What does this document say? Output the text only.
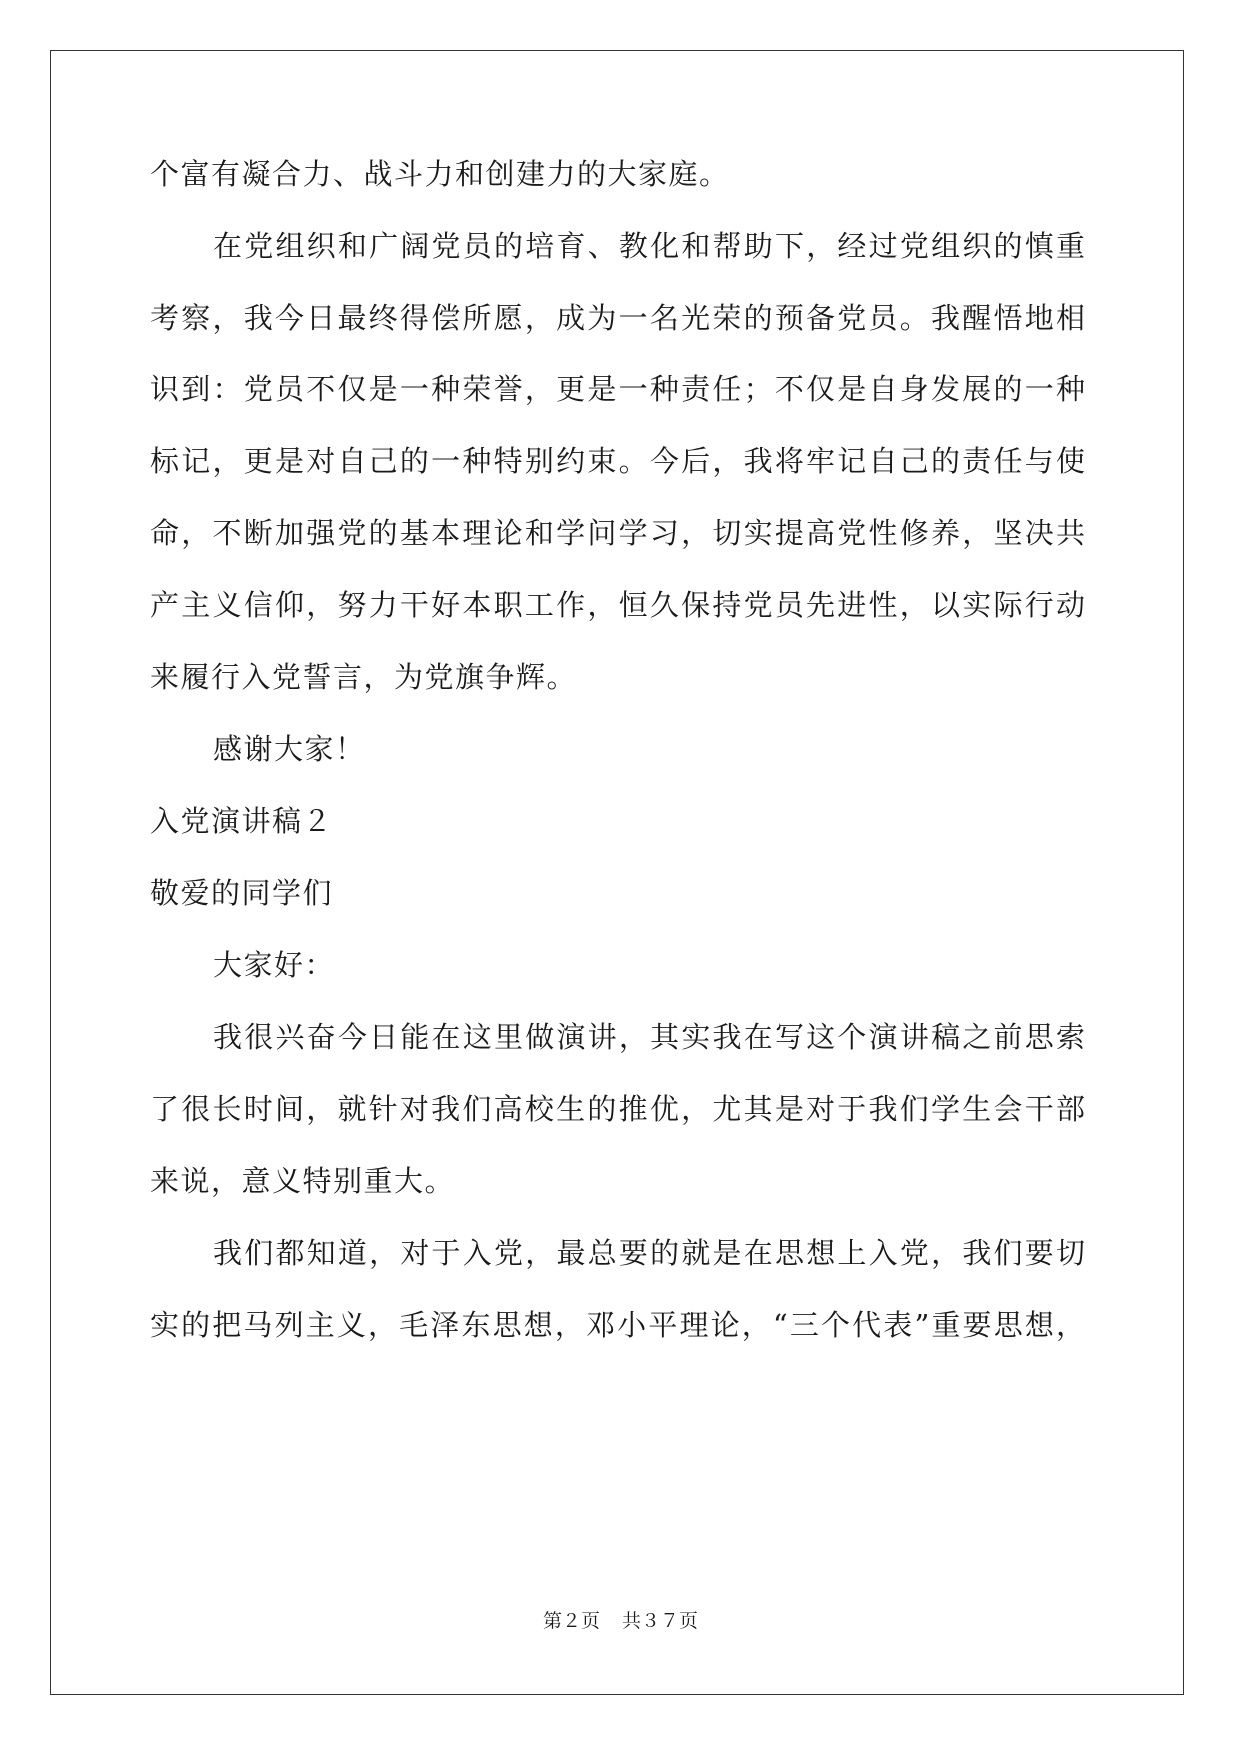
个富有凝合力、战斗力和创建力的大家庭。
在党组织和广阔党员的培育、教化和帮助下，经过党组织的慎重
考察，我今日最终得偿所愿，成为一名光荣的预备党员。我醒悟地相
识到：党员不仅是一种荣誉，更是一种责任；不仅是自身发展的一种
标记，更是对自己的一种特别约束。今后，我将牢记自己的责任与使
命，不断加强党的基本理论和学问学习，切实提高党性修养，坚决共
产主义信仰，努力干好本职工作，恒久保持党员先进性，以实际行动
来履行入党誓言，为党旗争辉。
感谢大家！
入党演讲稿２
敬爱的同学们
大家好：
我很兴奋今日能在这里做演讲，其实我在写这个演讲稿之前思索
了很长时间，就针对我们高校生的推优，尤其是对于我们学生会干部
来说，意义特别重大。
我们都知道，对于入党，最总要的就是在思想上入党，我们要切
实的把马列主义，毛泽东思想，邓小平理论，“三个代表”重要思想，
第２页 共３７页
